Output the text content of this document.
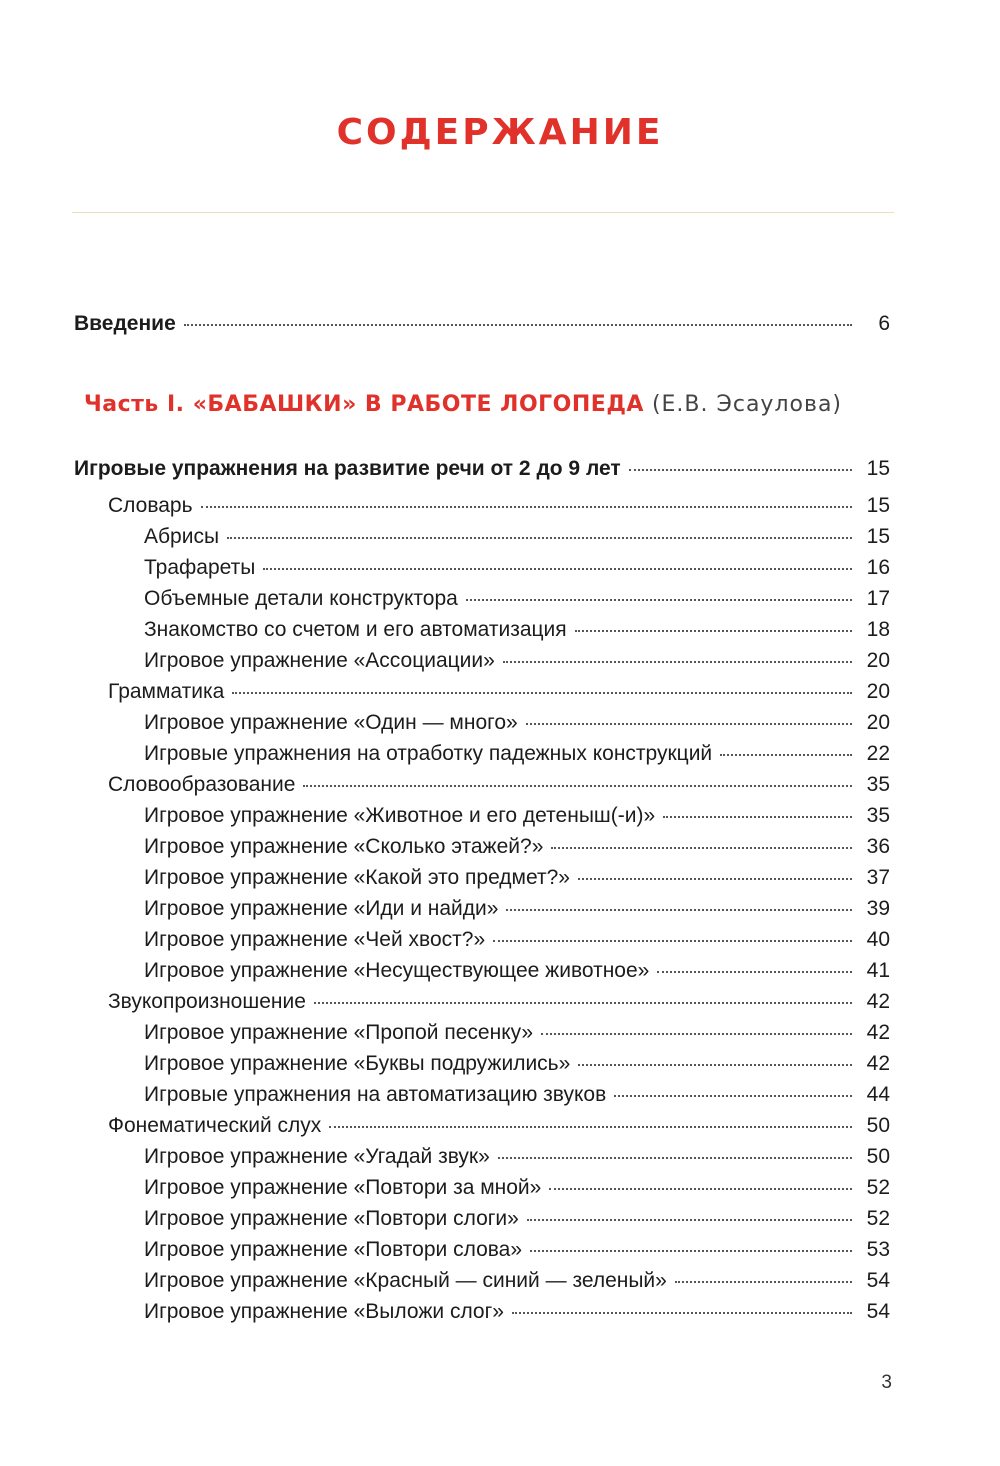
СОДЕРЖАНИЕ
Введение	6
Часть I. «БАБАШКИ» В РАБОТЕ ЛОГОПЕДА (Е.В. Эсаулова)
Игровые упражнения на развитие речи от 2 до 9 лет	15
Словарь	15
Абрисы	15
Трафареты	16
Объемные детали конструктора	17
Знакомство со счетом и его автоматизация	18
Игровое упражнение «Ассоциации»	20
Грамматика	20
Игровое упражнение «Один — много»	20
Игровые упражнения на отработку падежных конструкций	22
Словообразование	35
Игровое упражнение «Животное и его детеныш(-и)»	35
Игровое упражнение «Сколько этажей?»	36
Игровое упражнение «Какой это предмет?»	37
Игровое упражнение «Иди и найди»	39
Игровое упражнение «Чей хвост?»	40
Игровое упражнение «Несуществующее животное»	41
Звукопроизношение	42
Игровое упражнение «Пропой песенку»	42
Игровое упражнение «Буквы подружились»	42
Игровые упражнения на автоматизацию звуков	44
Фонематический слух	50
Игровое упражнение «Угадай звук»	50
Игровое упражнение «Повтори за мной»	52
Игровое упражнение «Повтори слоги»	52
Игровое упражнение «Повтори слова»	53
Игровое упражнение «Красный — синий — зеленый»	54
Игровое упражнение «Выложи слог»	54
3
